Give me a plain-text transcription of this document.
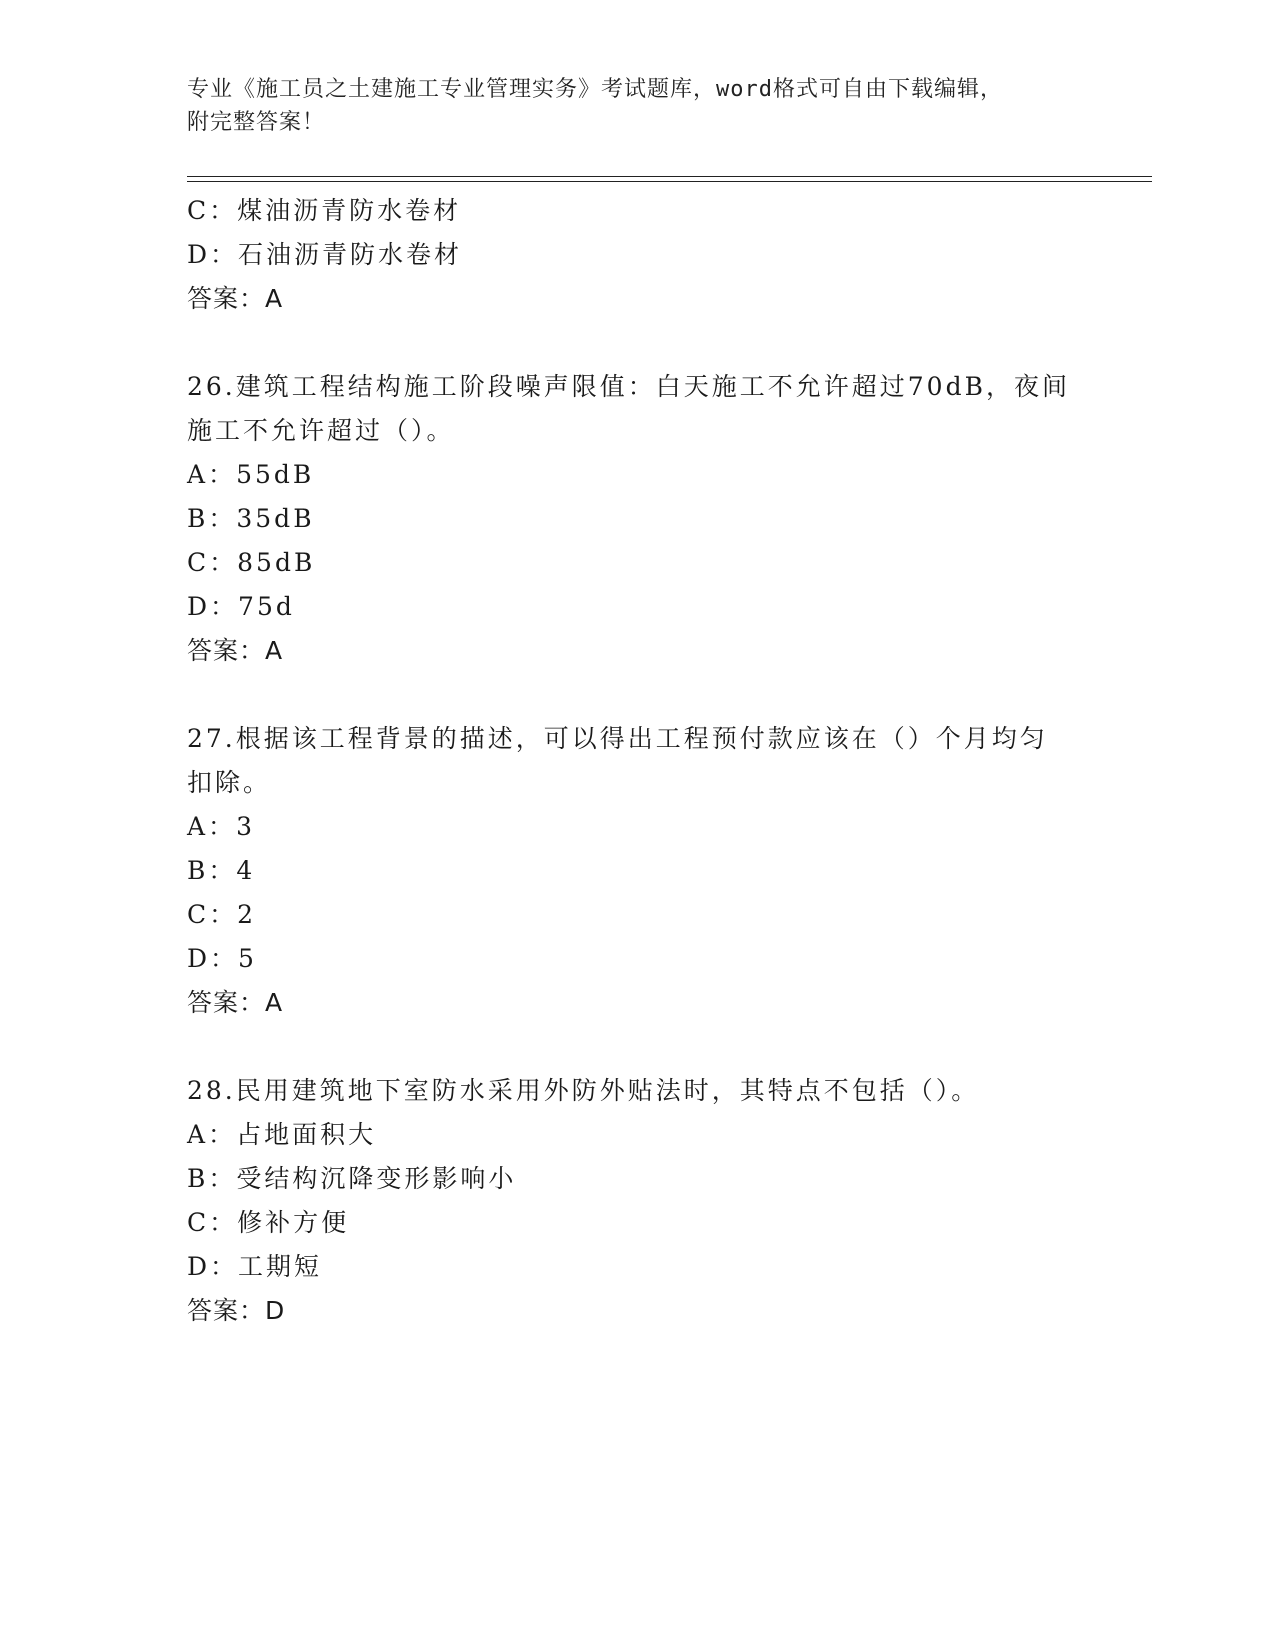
专业《施工员之土建施工专业管理实务》考试题库，word格式可自由下载编辑，
附完整答案！
C：煤油沥青防水卷材
D：石油沥青防水卷材
答案：A
26.建筑工程结构施工阶段噪声限值：白天施工不允许超过70dB，夜间
施工不允许超过（）。
A：55dB
B：35dB
C：85dB
D：75d
答案：A
27.根据该工程背景的描述，可以得出工程预付款应该在（）个月均匀
扣除。
A：3
B：4
C：2
D：5
答案：A
28.民用建筑地下室防水采用外防外贴法时，其特点不包括（）。
A：占地面积大
B：受结构沉降变形影响小
C：修补方便
D：工期短
答案：D
